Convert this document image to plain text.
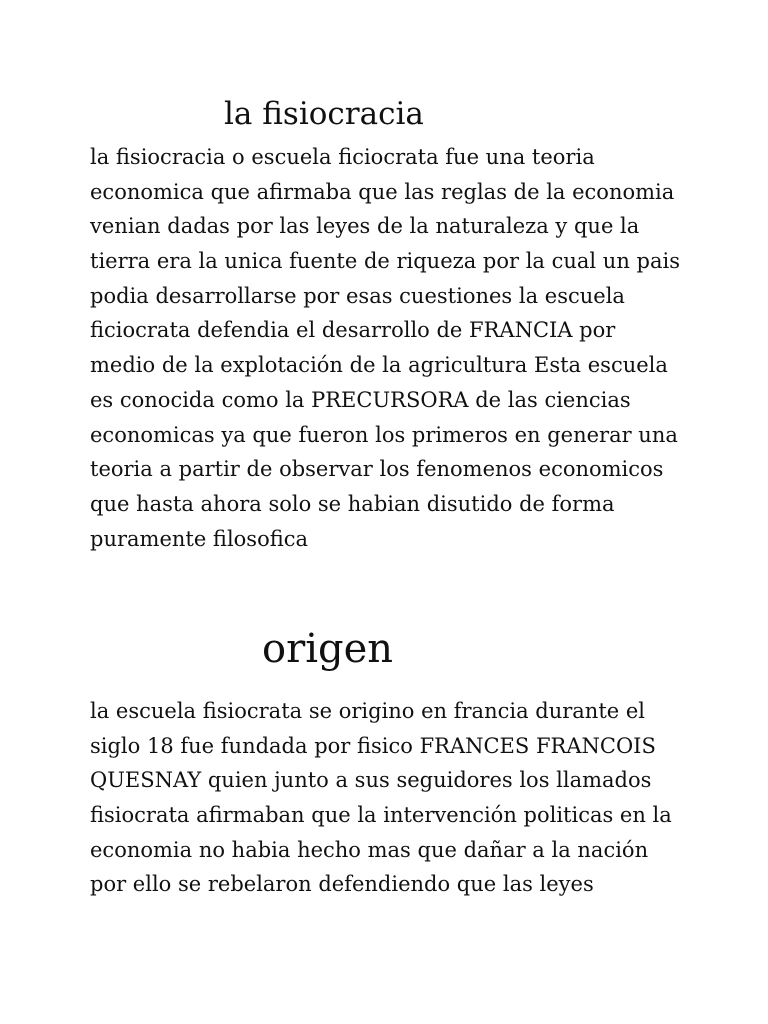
la fisiocracia

la fisiocracia o escuela ficiocrata fue una teoria
economica que afirmaba que las reglas de la economia
venian dadas por las leyes de la naturaleza y que la
tierra era la unica fuente de riqueza por la cual un pais
podia desarrollarse por esas cuestiones la escuela
ficiocrata defendia el desarrollo de FRANCIA por
medio de la explotación de la agricultura Esta escuela
es conocida como la PRECURSORA de las ciencias
economicas ya que fueron los primeros en generar una
teoria a partir de observar los fenomenos economicos
que hasta ahora solo se habian disutido de forma
puramente filosofica

origen

la escuela fisiocrata se origino en francia durante el
siglo 18 fue fundada por fisico FRANCES FRANCOIS
QUESNAY quien junto a sus seguidores los llamados
fisiocrata afirmaban que la intervención politicas en la
economia no habia hecho mas que dañar a la nación
por ello se rebelaron defendiendo que las leyes
